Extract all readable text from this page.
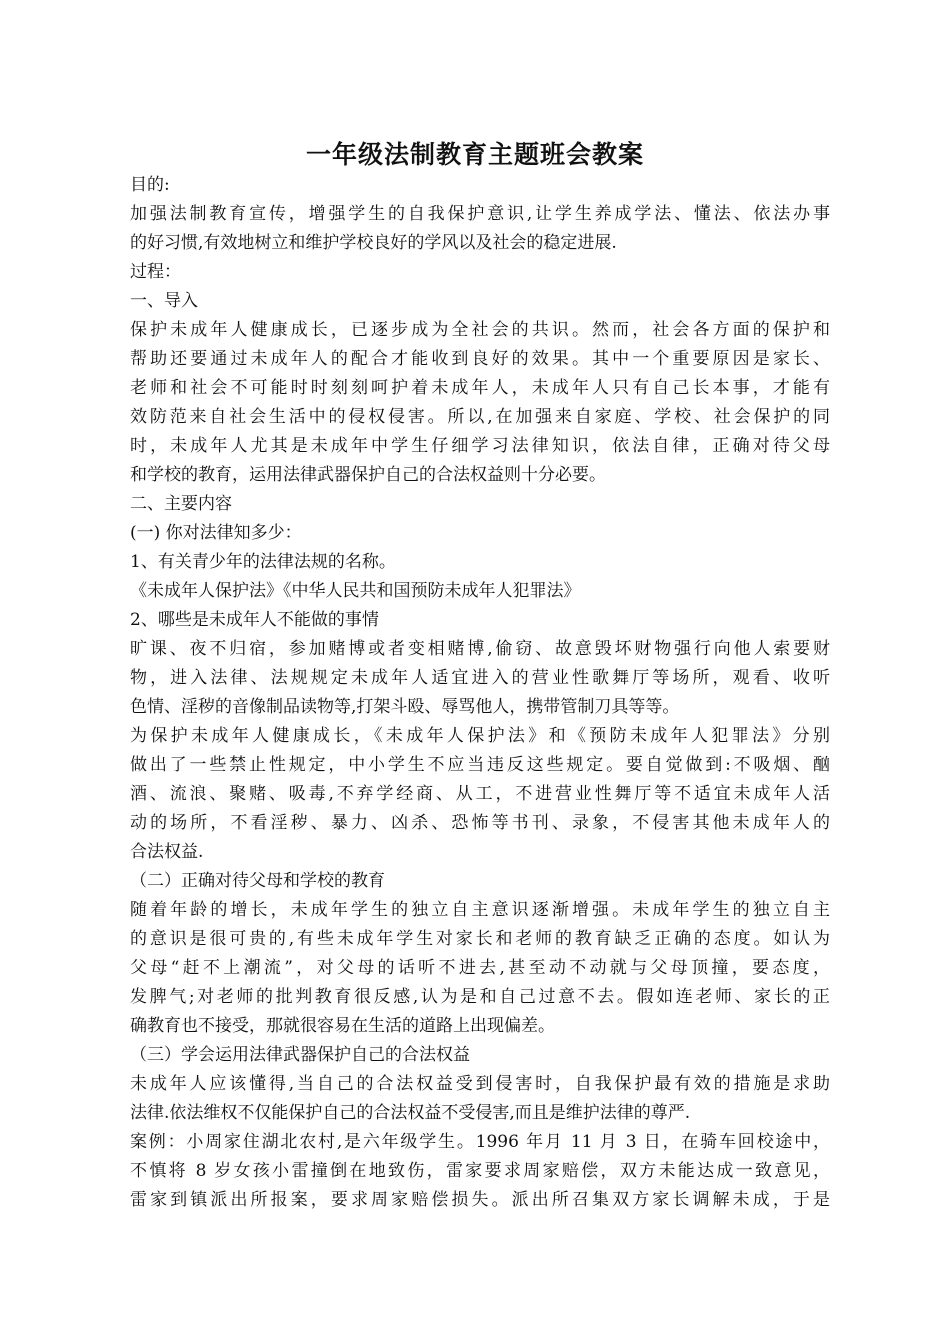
一年级法制教育主题班会教案
目的:
加强法制教育宣传，增强学生的自我保护意识,让学生养成学法、懂法、依法办事
的好习惯,有效地树立和维护学校良好的学风以及社会的稳定进展.
过程：
一、导入
保护未成年人健康成长，已逐步成为全社会的共识。然而，社会各方面的保护和
帮助还要通过未成年人的配合才能收到良好的效果。其中一个重要原因是家长、
老师和社会不可能时时刻刻呵护着未成年人，未成年人只有自己长本事，才能有
效防范来自社会生活中的侵权侵害。所以,在加强来自家庭、学校、社会保护的同
时，未成年人尤其是未成年中学生仔细学习法律知识，依法自律，正确对待父母
和学校的教育，运用法律武器保护自己的合法权益则十分必要。
二、主要内容
(一) 你对法律知多少：
1、有关青少年的法律法规的名称。
《未成年人保护法》《中华人民共和国预防未成年人犯罪法》
2、哪些是未成年人不能做的事情
旷课、夜不归宿，参加赌博或者变相赌博,偷窃、故意毁坏财物强行向他人索要财
物，进入法律、法规规定未成年人适宜进入的营业性歌舞厅等场所，观看、收听
色情、淫秽的音像制品读物等,打架斗殴、辱骂他人，携带管制刀具等等。
为保护未成年人健康成长，《未成年人保护法》和《预防未成年人犯罪法》分别
做出了一些禁止性规定，中小学生不应当违反这些规定。要自觉做到:不吸烟、酗
酒、流浪、聚赌、吸毒,不弃学经商、从工，不进营业性舞厅等不适宜未成年人活
动的场所，不看淫秽、暴力、凶杀、恐怖等书刊、录象，不侵害其他未成年人的
合法权益.
（二）正确对待父母和学校的教育
随着年龄的增长，未成年学生的独立自主意识逐渐增强。未成年学生的独立自主
的意识是很可贵的,有些未成年学生对家长和老师的教育缺乏正确的态度。如认为
父母“赶不上潮流”，对父母的话听不进去,甚至动不动就与父母顶撞，要态度，
发脾气;对老师的批判教育很反感,认为是和自己过意不去。假如连老师、家长的正
确教育也不接受，那就很容易在生活的道路上出现偏差。
（三）学会运用法律武器保护自己的合法权益
未成年人应该懂得,当自己的合法权益受到侵害时，自我保护最有效的措施是求助
法律.依法维权不仅能保护自己的合法权益不受侵害,而且是维护法律的尊严.
案例：小周家住湖北农村,是六年级学生。1996 年月 11 月 3 日，在骑车回校途中，
不慎将 8 岁女孩小雷撞倒在地致伤，雷家要求周家赔偿，双方未能达成一致意见，
雷家到镇派出所报案，要求周家赔偿损失。派出所召集双方家长调解未成，于是
